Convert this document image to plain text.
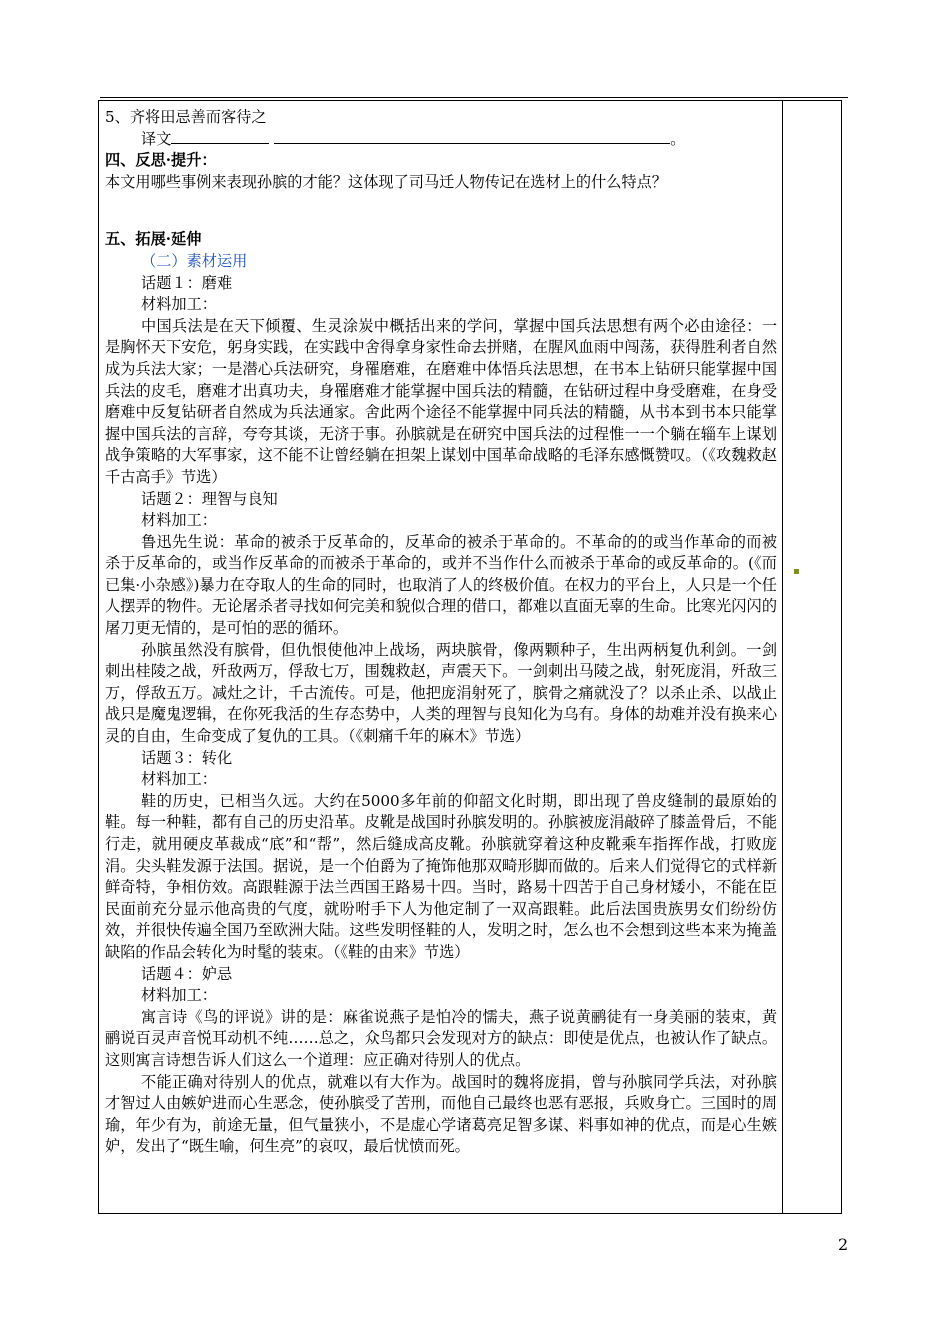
5、齐将田忌善而客待之

译文	。

四、反思·提升：

本文用哪些事例来表现孙膑的才能？这体现了司马迁人物传记在选材上的什么特点？

五、拓展·延伸

（二）素材运用

话题１：磨难

材料加工：

中国兵法是在天下倾覆、生灵涂炭中概括出来的学问，掌握中国兵法思想有两个必由途径：一是胸怀天下安危，躬身实践，在实践中舍得拿身家性命去拼赌，在腥风血雨中闯荡，获得胜利者自然成为兵法大家；一是潜心兵法研究，身罹磨难，在磨难中体悟兵法思想，在书本上钻研只能掌握中国兵法的皮毛，磨难才出真功夫，身罹磨难才能掌握中国兵法的精髓，在钻研过程中身受磨难，在身受磨难中反复钻研者自然成为兵法通家。舍此两个途径不能掌握中同兵法的精髓，从书本到书本只能掌握中国兵法的言辞，夸夸其谈，无济于事。孙膑就是在研究中国兵法的过程惟一一个躺在辎车上谋划战争策略的大军事家，这不能不让曾经躺在担架上谋划中国革命战略的毛泽东感慨赞叹。（《攻魏救赵千古高手》节选）

话题２：理智与良知

材料加工：

鲁迅先生说：革命的被杀于反革命的，反革命的被杀于革命的。不革命的的或当作革命的而被杀于反革命的，或当作反革命的而被杀于革命的，或并不当作什么而被杀于革命的或反革命的。(《而已集·小杂感》)暴力在夺取人的生命的同时，也取消了人的终极价值。在权力的平台上，人只是一个任人摆弄的物件。无论屠杀者寻找如何完美和貌似合理的借口，都难以直面无辜的生命。比寒光闪闪的屠刀更无情的，是可怕的恶的循环。

孙膑虽然没有膑骨，但仇恨使他冲上战场，两块膑骨，像两颗种子，生出两柄复仇利剑。一剑刺出桂陵之战，歼敌两万，俘敌七万，围魏救赵，声震天下。一剑刺出马陵之战，射死庞涓，歼敌三万，俘敌五万。减灶之计，千古流传。可是，他把庞涓射死了，膑骨之痛就没了？以杀止杀、以战止战只是魔鬼逻辑，在你死我活的生存态势中，人类的理智与良知化为乌有。身体的劫难并没有换来心灵的自由，生命变成了复仇的工具。（《刺痛千年的麻木》节选）

话题３：转化

材料加工：

鞋的历史，已相当久远。大约在5000多年前的仰韶文化时期，即出现了兽皮缝制的最原始的鞋。每一种鞋，都有自己的历史沿革。皮靴是战国时孙膑发明的。孙膑被庞涓敲碎了膝盖骨后，不能行走，就用硬皮革裁成“底”和“帮”，然后缝成高皮靴。孙膑就穿着这种皮靴乘车指挥作战，打败庞涓。尖头鞋发源于法国。据说，是一个伯爵为了掩饰他那双畸形脚而做的。后来人们觉得它的式样新鲜奇特，争相仿效。高跟鞋源于法兰西国王路易十四。当时，路易十四苦于自己身材矮小，不能在臣民面前充分显示他高贵的气度，就吩咐手下人为他定制了一双高跟鞋。此后法国贵族男女们纷纷仿效，并很快传遍全国乃至欧洲大陆。这些发明怪鞋的人，发明之时，怎么也不会想到这些本来为掩盖缺陷的作品会转化为时髦的装束。（《鞋的由来》节选）

话题４：妒忌

材料加工：

寓言诗《鸟的评说》讲的是：麻雀说燕子是怕冷的懦夫，燕子说黄鹂徒有一身美丽的装束，黄鹂说百灵声音悦耳动机不纯……总之，众鸟都只会发现对方的缺点：即使是优点，也被认作了缺点。这则寓言诗想告诉人们这么一个道理：应正确对待别人的优点。

不能正确对待别人的优点，就难以有大作为。战国时的魏将庞捐，曾与孙膑同学兵法，对孙膑才智过人由嫉妒进而心生恶念，使孙膑受了苦刑，而他自己最终也恶有恶报，兵败身亡。三国时的周瑜，年少有为，前途无量，但气量狭小，不是虚心学诸葛亮足智多谋、料事如神的优点，而是心生嫉妒，发出了“既生喻，何生亮”的哀叹，最后忧愤而死。

▪
2
